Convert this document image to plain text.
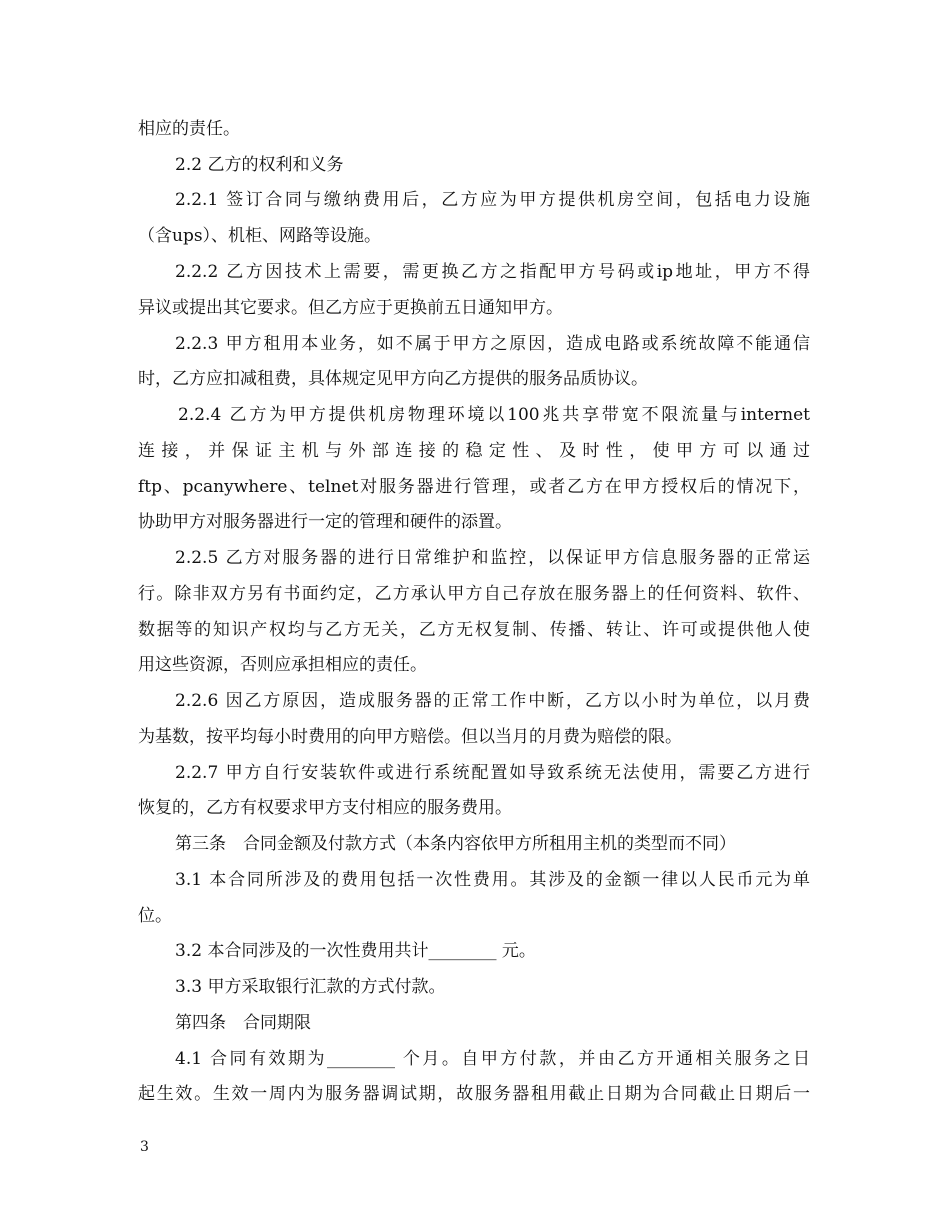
相应的责任。
2.2 乙方的权利和义务
2.2.1 签订合同与缴纳费用后，乙方应为甲方提供机房空间，包括电力设施
（含ups）、机柜、网路等设施。
2.2.2 乙方因技术上需要，需更换乙方之指配甲方号码或ip地址，甲方不得
异议或提出其它要求。但乙方应于更换前五日通知甲方。
2.2.3 甲方租用本业务，如不属于甲方之原因，造成电路或系统故障不能通信
时，乙方应扣减租费，具体规定见甲方向乙方提供的服务品质协议。
2.2.4 乙方为甲方提供机房物理环境以100兆共享带宽不限流量与internet
连 接 ， 并 保 证 主 机 与 外 部 连 接 的 稳 定 性 、 及 时 性 ， 使 甲 方 可 以 通 过
ftp、pcanywhere、telnet对服务器进行管理，或者乙方在甲方授权后的情况下，
协助甲方对服务器进行一定的管理和硬件的添置。
2.2.5 乙方对服务器的进行日常维护和监控，以保证甲方信息服务器的正常运
行。除非双方另有书面约定，乙方承认甲方自己存放在服务器上的任何资料、软件、
数据等的知识产权均与乙方无关，乙方无权复制、传播、转让、许可或提供他人使
用这些资源，否则应承担相应的责任。
2.2.6 因乙方原因，造成服务器的正常工作中断，乙方以小时为单位，以月费
为基数，按平均每小时费用的向甲方赔偿。但以当月的月费为赔偿的限。
2.2.7 甲方自行安装软件或进行系统配置如导致系统无法使用，需要乙方进行
恢复的，乙方有权要求甲方支付相应的服务费用。
第三条　合同金额及付款方式（本条内容依甲方所租用主机的类型而不同）
3.1 本合同所涉及的费用包括一次性费用。其涉及的金额一律以人民币元为单
位。
3.2 本合同涉及的一次性费用共计________ 元。
3.3 甲方采取银行汇款的方式付款。
第四条　合同期限
4.1 合同有效期为________ 个月。自甲方付款，并由乙方开通相关服务之日
起生效。生效一周内为服务器调试期，故服务器租用截止日期为合同截止日期后一
3
